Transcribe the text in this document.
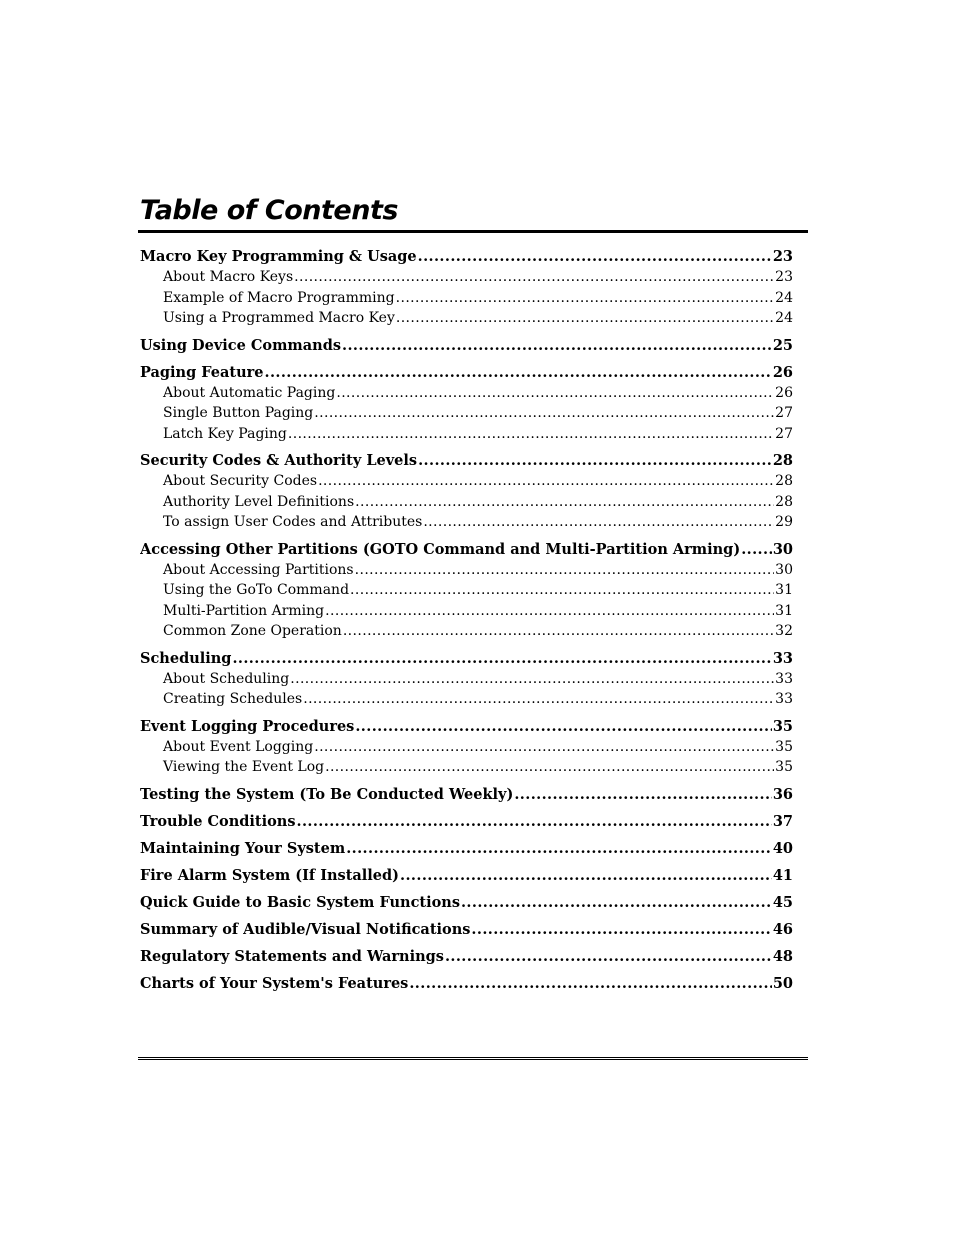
Table of Contents
Macro Key Programming & Usage .....	23
About Macro Keys .....	23
Example of Macro Programming .....	24
Using a Programmed Macro Key .....	24
Using Device Commands .....	25
Paging Feature .....	26
About Automatic Paging .....	26
Single Button Paging .....	27
Latch Key Paging .....	27
Security Codes & Authority Levels .....	28
About Security Codes .....	28
Authority Level Definitions .....	28
To assign User Codes and Attributes .....	29
Accessing Other Partitions (GOTO Command and Multi-Partition Arming) ..... 30
About Accessing Partitions .....	30
Using the GoTo Command .....	31
Multi-Partition Arming .....	31
Common Zone Operation .....	32
Scheduling .....	33
About Scheduling .....	33
Creating Schedules .....	33
Event Logging Procedures .....	35
About Event Logging .....	35
Viewing the Event Log .....	35
Testing the System (To Be Conducted Weekly) .....	36
Trouble Conditions .....	37
Maintaining Your System .....	40
Fire Alarm System (If Installed) .....	41
Quick Guide to Basic System Functions .....	45
Summary of Audible/Visual Notifications .....	46
Regulatory Statements and Warnings .....	48
Charts of Your System's Features .....	50
